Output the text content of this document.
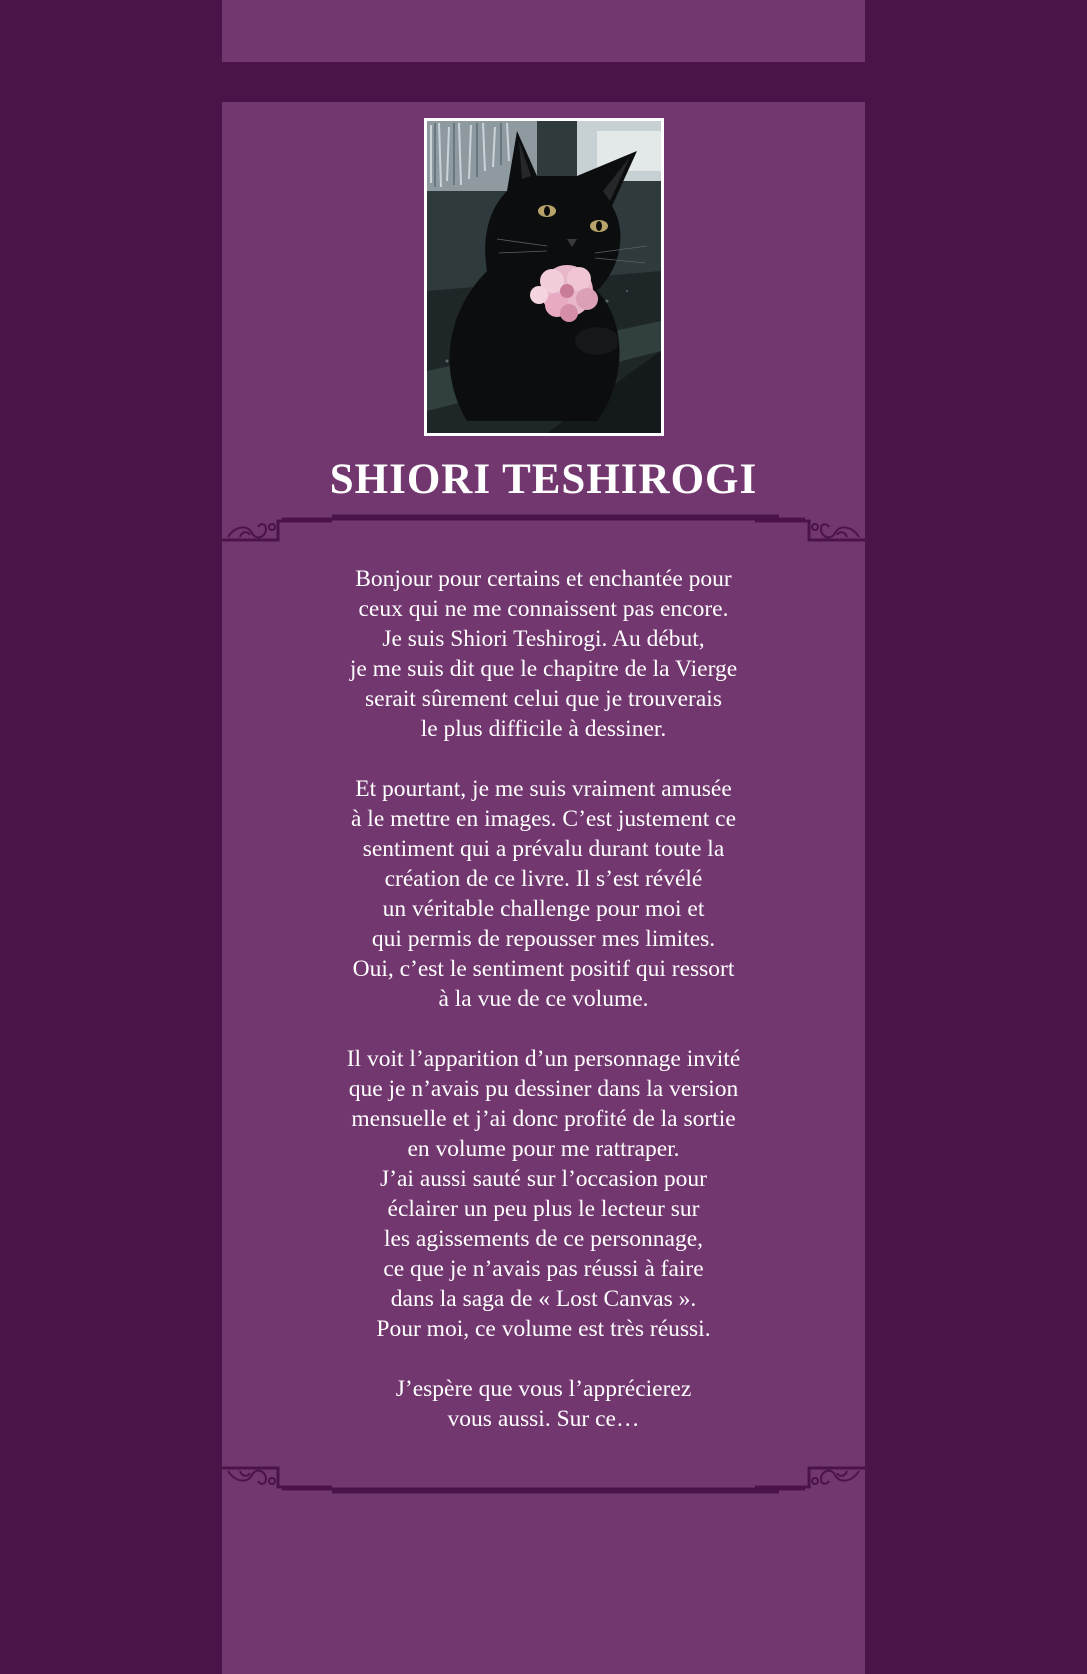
SHIORI TESHIROGI

Bonjour pour certains et enchantée pour
ceux qui ne me connaissent pas encore.
Je suis Shiori Teshirogi. Au début,
je me suis dit que le chapitre de la Vierge
serait sûrement celui que je trouverais
le plus difficile à dessiner.

Et pourtant, je me suis vraiment amusée
à le mettre en images. C’est justement ce
sentiment qui a prévalu durant toute la
création de ce livre. Il s’est révélé
un véritable challenge pour moi et
qui permis de repousser mes limites.
Oui, c’est le sentiment positif qui ressort
à la vue de ce volume.

Il voit l’apparition d’un personnage invité
que je n’avais pu dessiner dans la version
mensuelle et j’ai donc profité de la sortie
en volume pour me rattraper.
J’ai aussi sauté sur l’occasion pour
éclairer un peu plus le lecteur sur
les agissements de ce personnage,
ce que je n’avais pas réussi à faire
dans la saga de « Lost Canvas ».
Pour moi, ce volume est très réussi.

J’espère que vous l’apprécierez
vous aussi. Sur ce…
